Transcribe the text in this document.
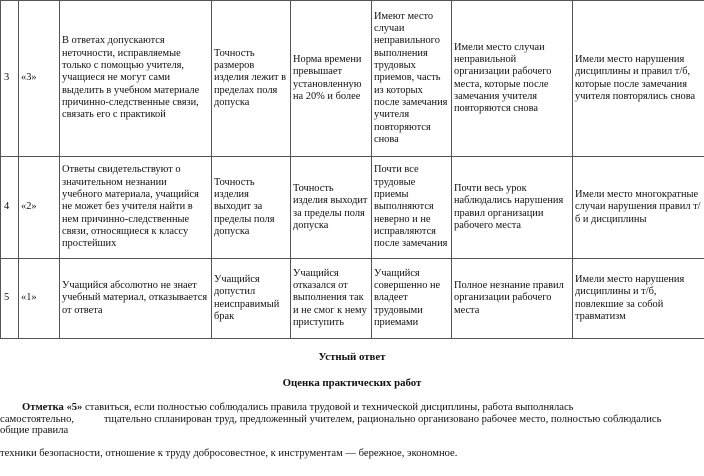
3	«3»	В ответах допускаются неточности, исправляемые только с помощью учителя, учащиеся не могут сами выделить в учебном материале причинно-следственные связи, связать его с практикой	Точность размеров изделия лежит в пределах поля допуска	Норма времени превышает установленную на 20% и более	Имеют место случаи неправильного выполнения трудовых приемов, часть из которых после замечания учителя повторяются снова	Имели место случаи неправильной организации рабочего места, которые после замечания учителя повторяются снова	Имели место нарушения дисциплины и правил т/б, которые после замечания учителя повторялись снова
4	«2»	Ответы свидетельствуют о значительном незнании учебного материала, учащийся не может без учителя найти в нем причинно-следственные связи, относящиеся к классу простейших	Точность изделия выходит за пределы поля допуска	Точность изделия выходит за пределы поля допуска	Почти все трудовые приемы выполняются неверно и не исправляются после замечания	Почти весь урок наблюдались нарушения правил организации рабочего места	Имели место многократные случаи нарушения правил т/б и дисциплины
5	«1»	Учащийся абсолютно не знает учебный материал, отказывается от ответа	Учащийся допустил неисправимый брак	Учащийся отказался от выполнения так и не смог к нему приступить	Учащийся совершенно не владеет трудовыми приемами	Полное незнание правил организации рабочего места	Имели место нарушения дисциплины и т/б, повлекшие за собой травматизм
Устный ответ
Оценка практических работ
Отметка «5» ставиться, если полностью соблюдались правила трудовой и технической дисциплины, работа выполнялась
самостоятельно,	тщательно спланирован труд, предложенный учителем, рационально организовано рабочее место, полностью соблюдались
общие правила
техники безопасности, отношение к труду добросовестное, к инструментам — бережное, экономное.
